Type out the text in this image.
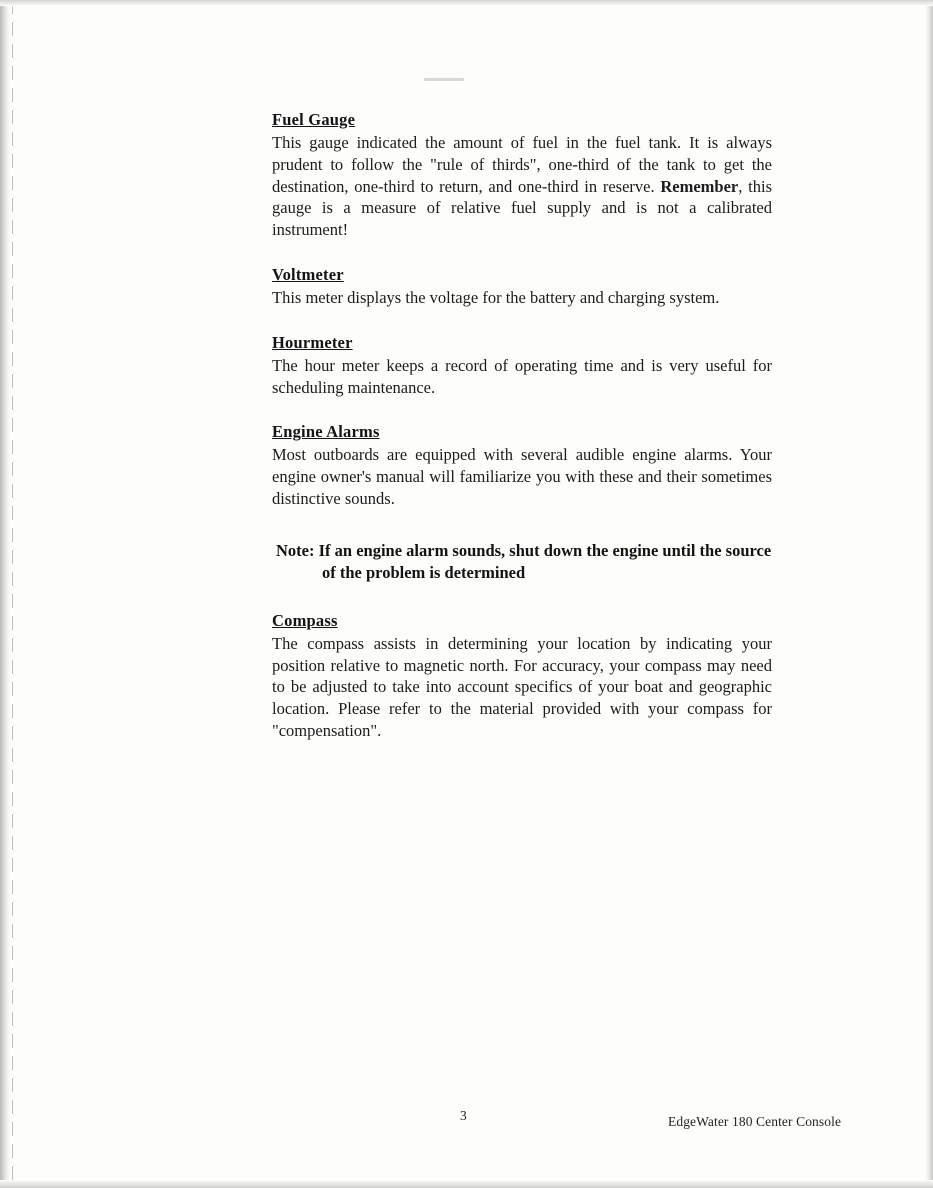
Fuel Gauge

This gauge indicated the amount of fuel in the fuel tank. It is always prudent to follow the "rule of thirds", one-third of the tank to get the destination, one-third to return, and one-third in reserve. Remember, this gauge is a measure of relative fuel supply and is not a calibrated instrument!

Voltmeter

This meter displays the voltage for the battery and charging system.

Hourmeter

The hour meter keeps a record of operating time and is very useful for scheduling maintenance.

Engine Alarms

Most outboards are equipped with several audible engine alarms. Your engine owner's manual will familiarize you with these and their sometimes distinctive sounds.

Note: If an engine alarm sounds, shut down the engine until the source
of the problem is determined
Compass

The compass assists in determining your location by indicating your position relative to magnetic north. For accuracy, your compass may need to be adjusted to take into account specifics of your boat and geographic location. Please refer to the material provided with your compass for "compensation".

3	EdgeWater 180 Center Console
